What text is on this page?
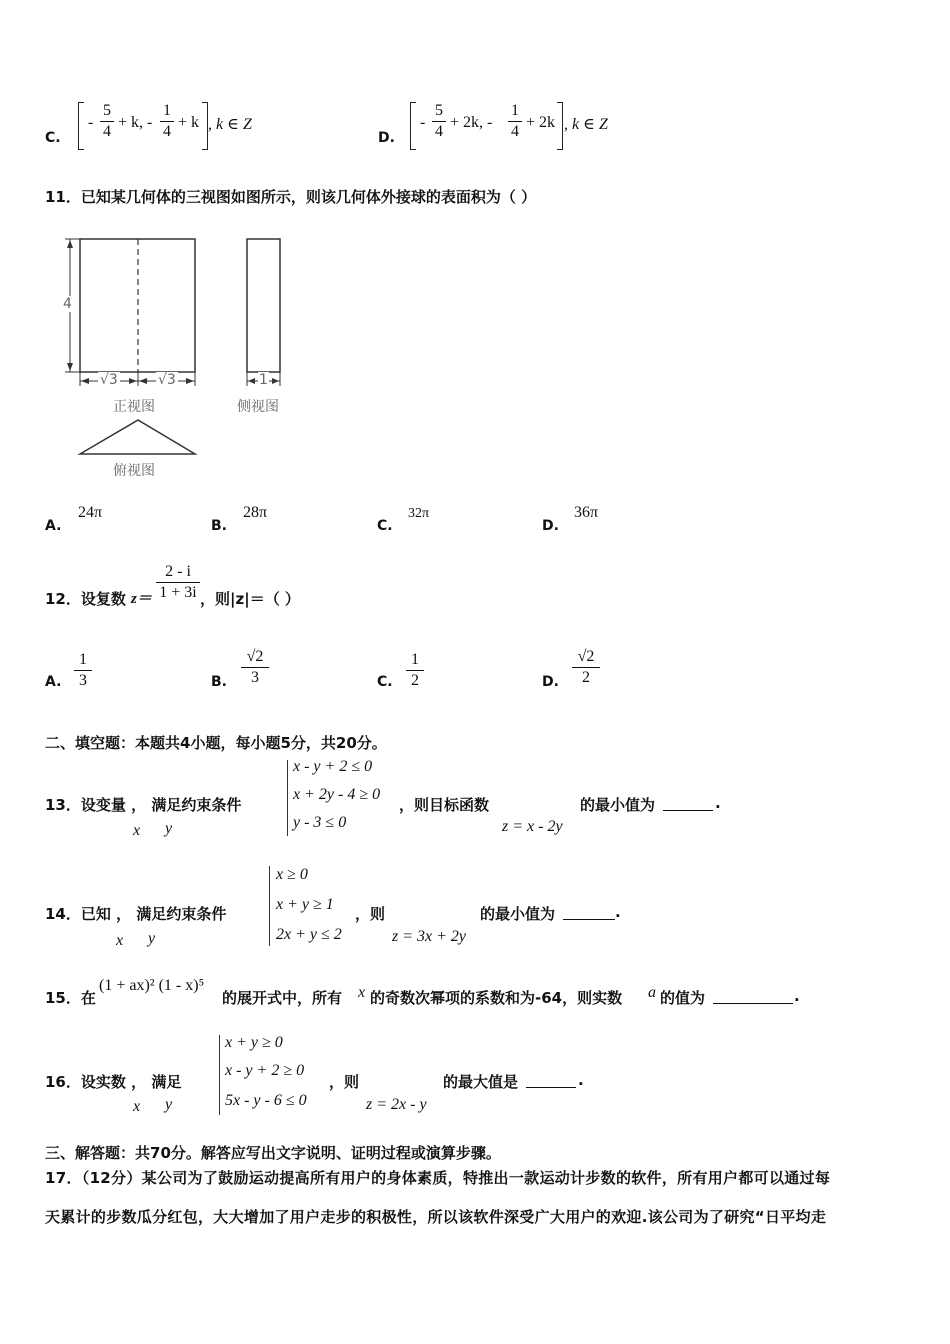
C.
-
5
4
+ k, -
1
4
+ k , k ∈ Z
D.
-
5
4
+ 2k, -
1
4
+ 2k , k ∈ Z
11．已知某几何体的三视图如图所示，则该几何体外接球的表面积为（ ）
4
√3	√3	1
正视图	侧视图
俯视图
A.
24π
B.
28π
C.
32π
D.
36π
12．设复数 z＝
2 - i
1 + 3i ，则|z|＝（ ）
A.
1
3	B.
√2
3	C.
1
2	D.
√2
2
二、填空题：本题共4小题，每小题5分，共20分。
13．设变量 ， 满足约束条件
x y
x - y + 2 ≤ 0
x + 2y - 4 ≥ 0
y - 3 ≤ 0
，则目标函数
z = x - 2y
的最小值为	.
14．已知 ， 满足约束条件
x y
x ≥ 0
x + y ≥ 1
2x + y ≤ 2
，则
z = 3x + 2y
的最小值为	.
15．在
(1 + ax)² (1 - x)⁵
的展开式中，所有 x 的奇数次幂项的系数和为-64，则实数 a 的值为	.
16．设实数 ， 满足
x y
x + y ≥ 0
x - y + 2 ≥ 0
5x - y - 6 ≤ 0
，则
z = 2x - y
的最大值是	.
三、解答题：共70分。解答应写出文字说明、证明过程或演算步骤。
17．（12分）某公司为了鼓励运动提高所有用户的身体素质，特推出一款运动计步数的软件，所有用户都可以通过每
天累计的步数瓜分红包，大大增加了用户走步的积极性，所以该软件深受广大用户的欢迎.该公司为了研究“日平均走
